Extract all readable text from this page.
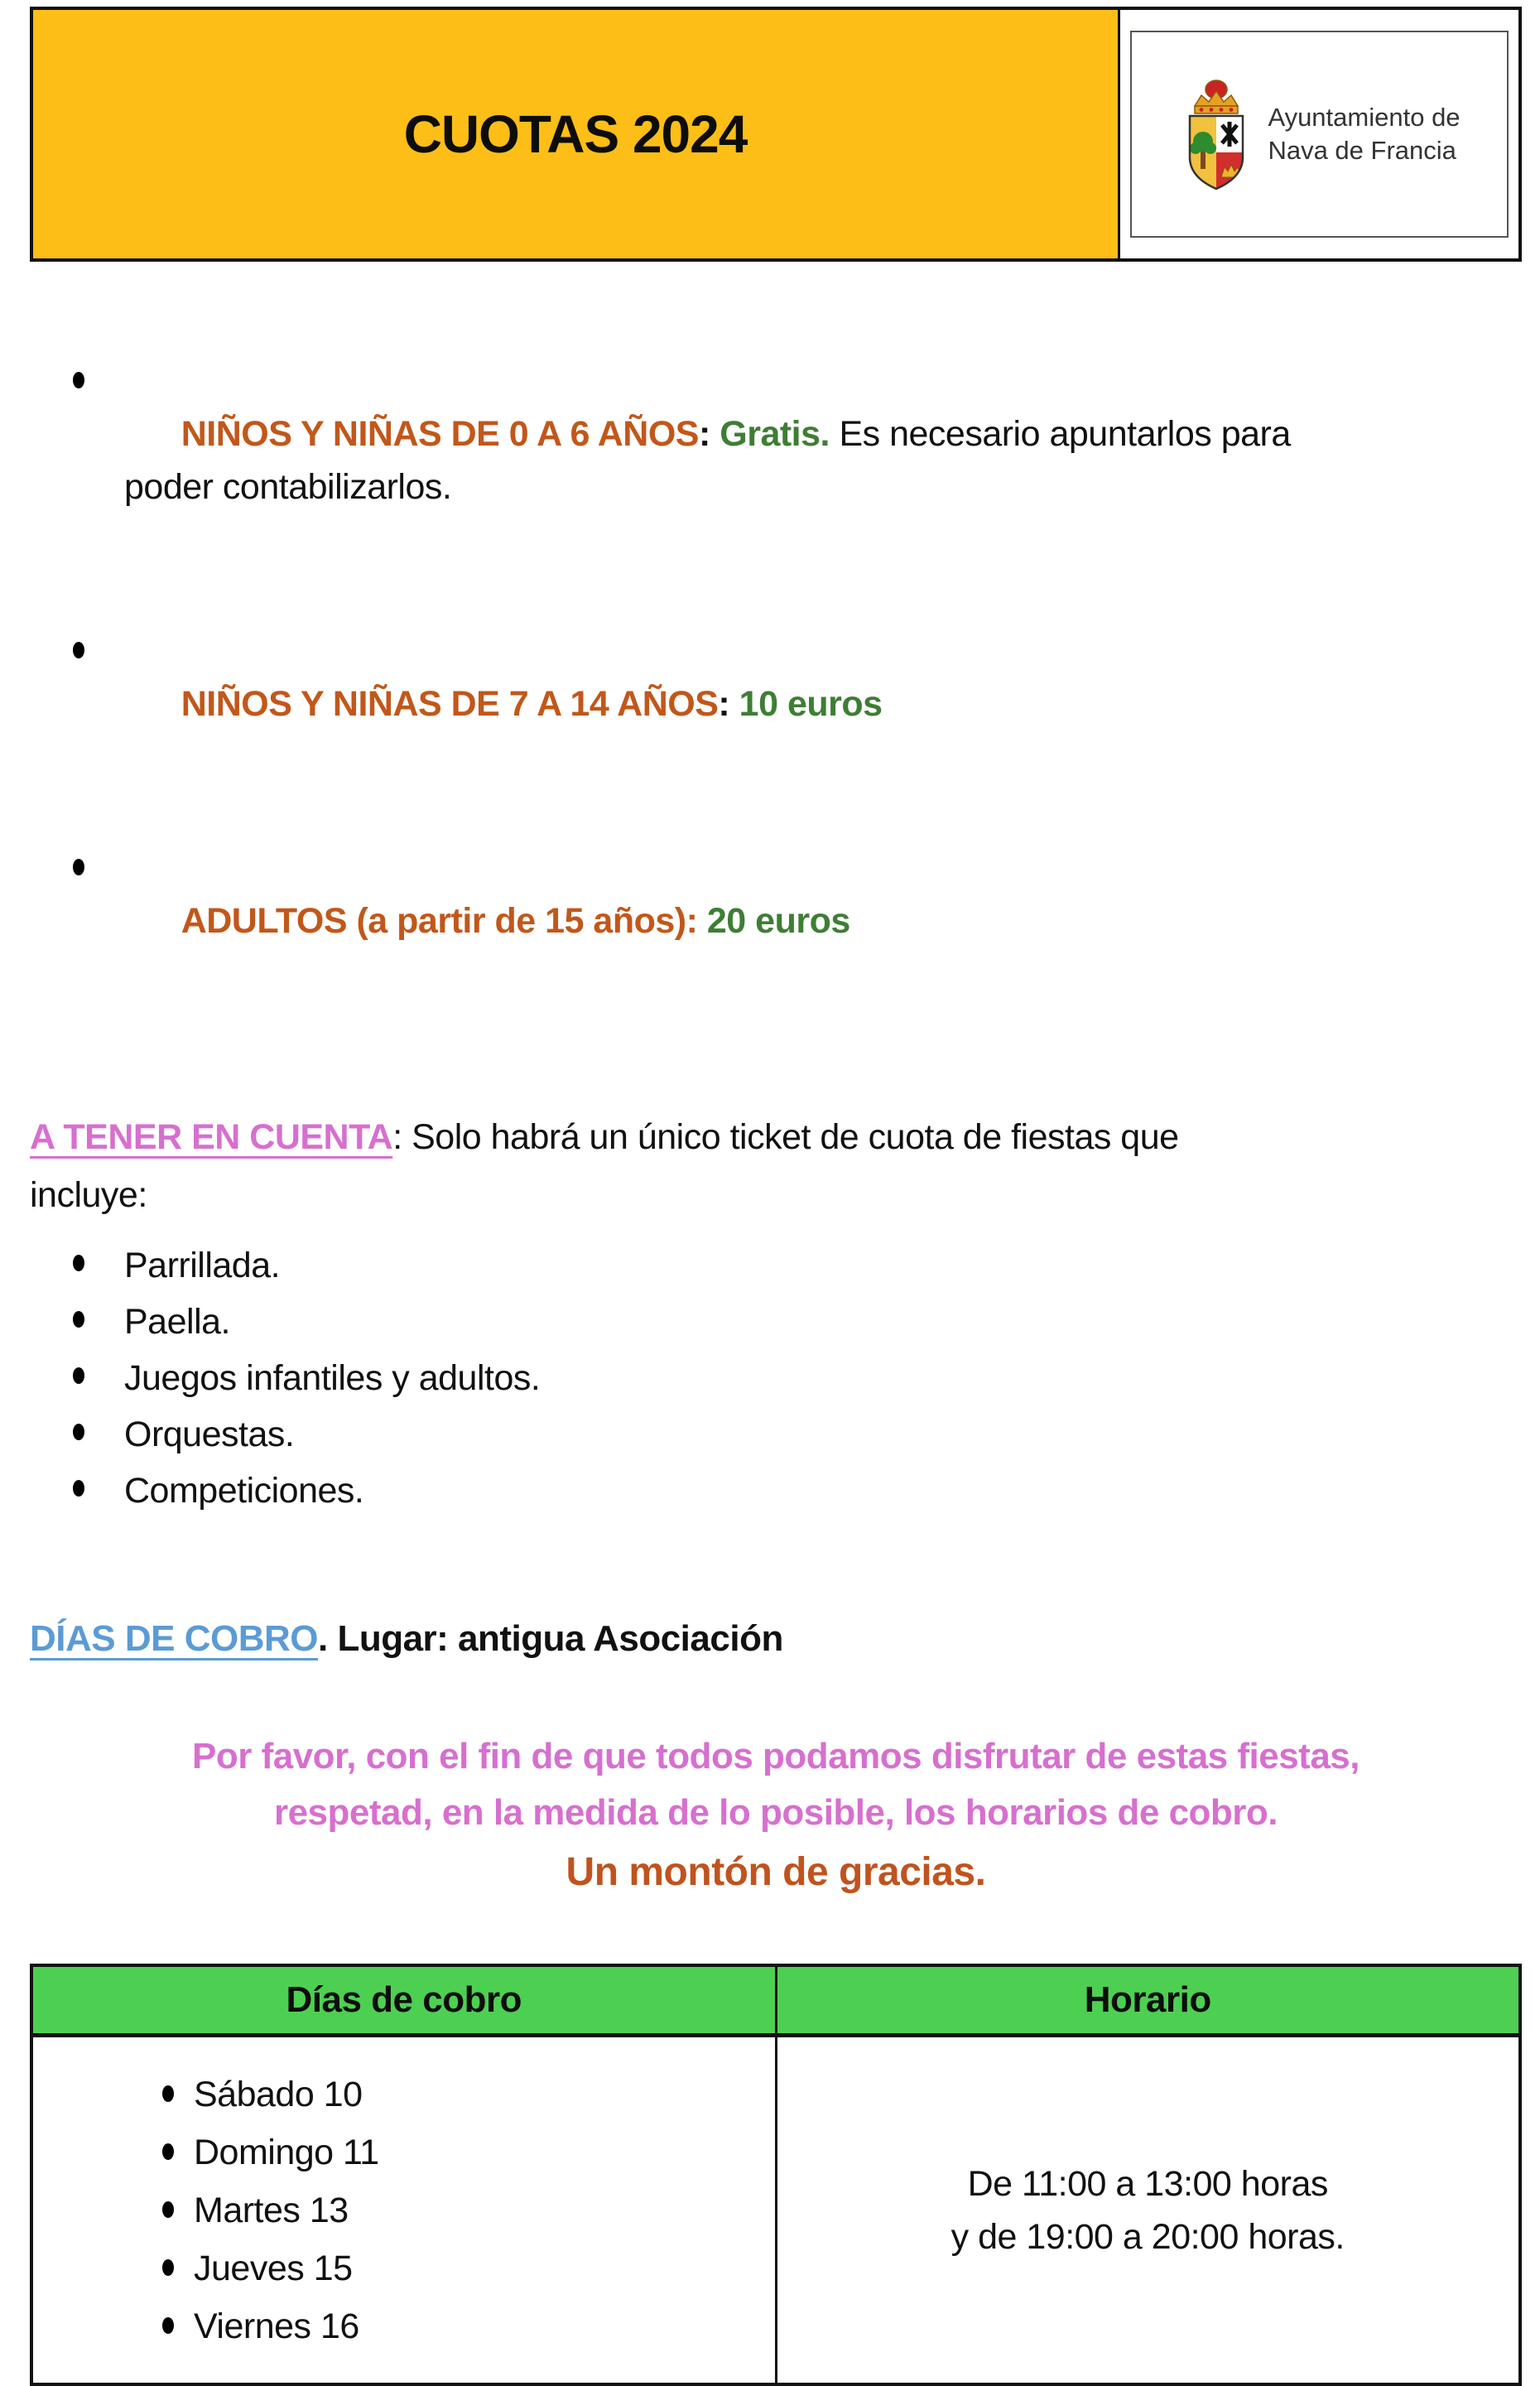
CUOTAS 2024	Ayuntamiento de
Nava de Francia

NIÑOS Y NIÑAS DE 0 A 6 AÑOS: Gratis. Es necesario apuntarlos para
poder contabilizarlos.

NIÑOS Y NIÑAS DE 7 A 14 AÑOS: 10 euros

ADULTOS (a partir de 15 años): 20 euros

A TENER EN CUENTA: Solo habrá un único ticket de cuota de fiestas que
incluye:
Parrillada.
Paella.
Juegos infantiles y adultos.
Orquestas.
Competiciones.
DÍAS DE COBRO. Lugar: antigua Asociación
Por favor, con el fin de que todos podamos disfrutar de estas fiestas,
respetad, en la medida de lo posible, los horarios de cobro.
Un montón de gracias.
Días de cobro	Horario

Sábado 10
Domingo 11
Martes 13
Jueves 15
Viernes 16
	De 11:00 a 13:00 horas
y de 19:00 a 20:00 horas.
